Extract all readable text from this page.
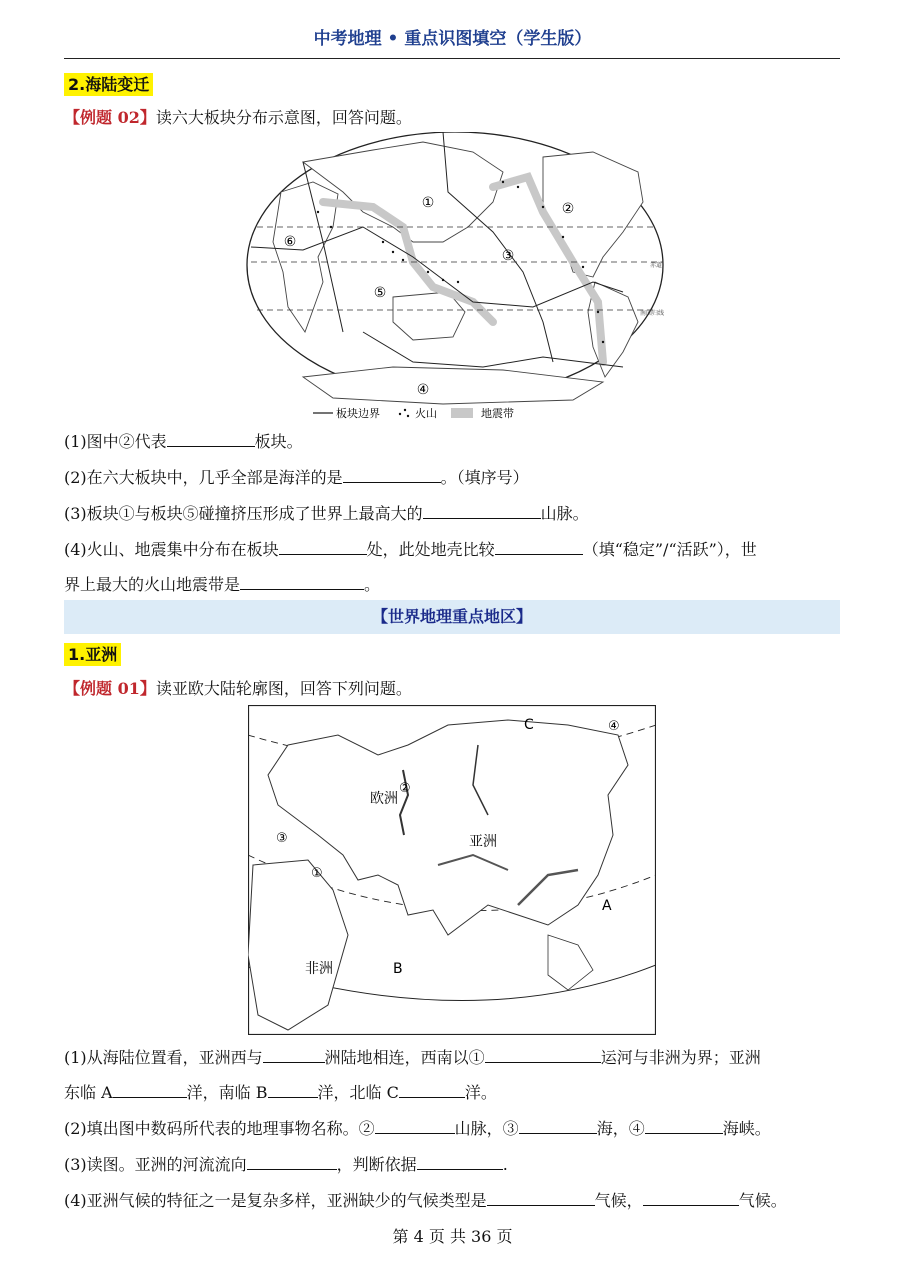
中考地理 • 重点识图填空（学生版）
2.海陆变迁
【例题 02】读六大板块分布示意图，回答问题。
①	②
③
④
⑤
⑥
赤道
南回归线
板块边界	火山	地震带
(1)图中②代表	板块。
(2)在六大板块中，几乎全部是海洋的是	。（填序号）
(3)板块①与板块⑤碰撞挤压形成了世界上最高大的	山脉。
(4)火山、地震集中分布在板块	处，此处地壳比较	（填“稳定”/“活跃”），世
界上最大的火山地震带是	。
【世界地理重点地区】
1.亚洲
【例题 01】读亚欧大陆轮廓图，回答下列问题。
欧洲
亚洲
非洲
A
B
C
①
②
③
④
(1)从海陆位置看，亚洲西与	洲陆地相连，西南以①	运河与非洲为界；亚洲
东临 A	洋，南临 B	洋，北临 C	洋。
(2)填出图中数码所代表的地理事物名称。②	山脉，③	海，④	海峡。
(3)读图。亚洲的河流流向	，判断依据	.
(4)亚洲气候的特征之一是复杂多样，亚洲缺少的气候类型是	气候，	气候。
第 4 页 共 36 页
